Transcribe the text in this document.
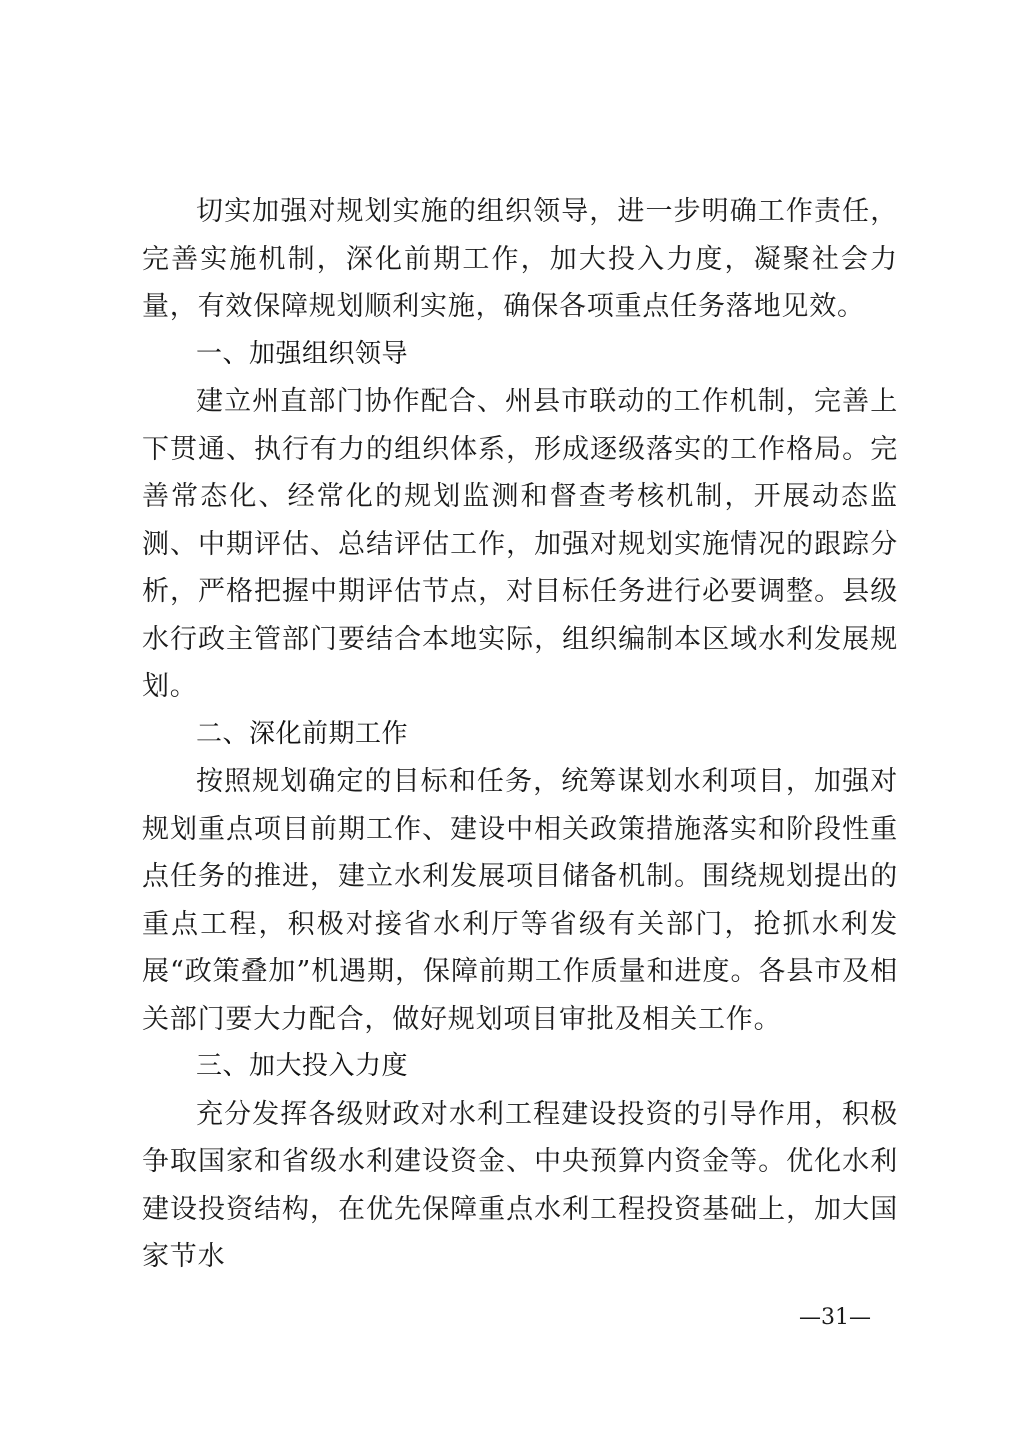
切实加强对规划实施的组织领导，进一步明确工作责任，完善实施机制，深化前期工作，加大投入力度，凝聚社会力量，有效保障规划顺利实施，确保各项重点任务落地见效。

一、加强组织领导

建立州直部门协作配合、州县市联动的工作机制，完善上下贯通、执行有力的组织体系，形成逐级落实的工作格局。完善常态化、经常化的规划监测和督查考核机制，开展动态监测、中期评估、总结评估工作，加强对规划实施情况的跟踪分析，严格把握中期评估节点，对目标任务进行必要调整。县级水行政主管部门要结合本地实际，组织编制本区域水利发展规划。

二、深化前期工作

按照规划确定的目标和任务，统筹谋划水利项目，加强对规划重点项目前期工作、建设中相关政策措施落实和阶段性重点任务的推进，建立水利发展项目储备机制。围绕规划提出的重点工程，积极对接省水利厅等省级有关部门，抢抓水利发展“政策叠加”机遇期，保障前期工作质量和进度。各县市及相关部门要大力配合，做好规划项目审批及相关工作。

三、加大投入力度

充分发挥各级财政对水利工程建设投资的引导作用，积极争取国家和省级水利建设资金、中央预算内资金等。优化水利建设投资结构，在优先保障重点水利工程投资基础上，加大国家节水

—31—
